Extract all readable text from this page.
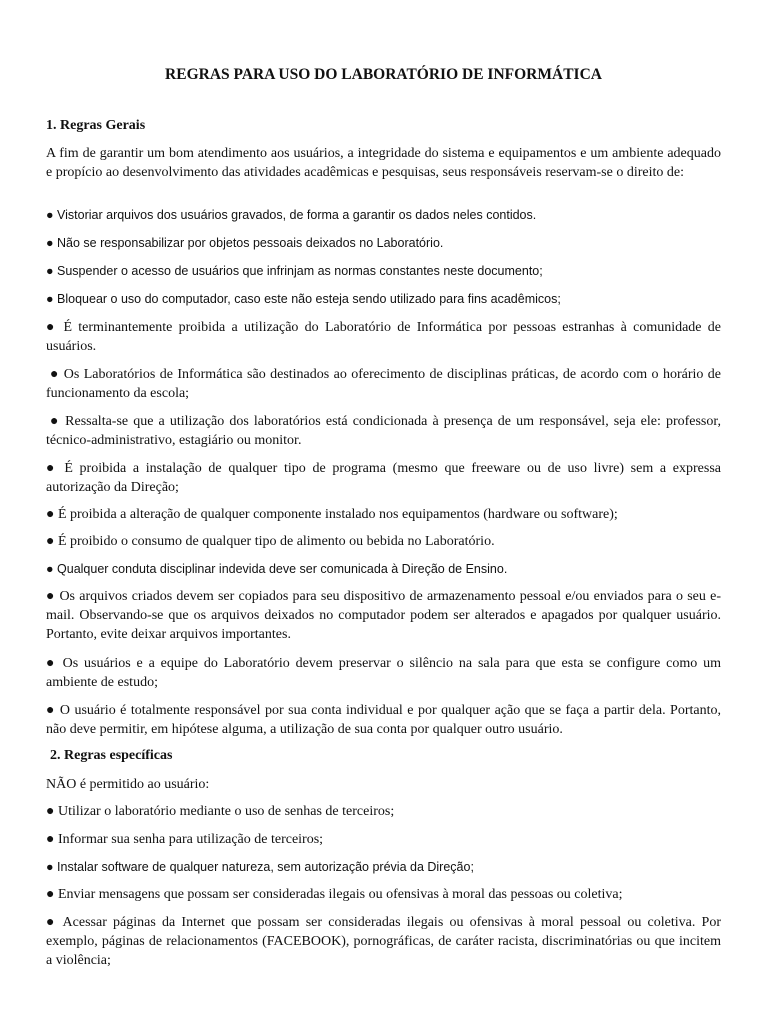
REGRAS PARA USO DO LABORATÓRIO DE INFORMÁTICA
1. Regras Gerais

A fim de garantir um bom atendimento aos usuários, a integridade do sistema e equipamentos e um ambiente adequado e propício ao desenvolvimento das atividades acadêmicas e pesquisas, seus responsáveis reservam-se o direito de:

● Vistoriar arquivos dos usuários gravados, de forma a garantir os dados neles contidos.

● Não se responsabilizar por objetos pessoais deixados no Laboratório.

● Suspender o acesso de usuários que infrinjam as normas constantes neste documento;

● Bloquear o uso do computador, caso este não esteja sendo utilizado para fins acadêmicos;

● É terminantemente proibida a utilização do Laboratório de Informática por pessoas estranhas à comunidade de usuários.

● Os Laboratórios de Informática são destinados ao oferecimento de disciplinas práticas, de acordo com o horário de funcionamento da escola;

● Ressalta-se que a utilização dos laboratórios está condicionada à presença de um responsável, seja ele: professor, técnico-administrativo, estagiário ou monitor.

● É proibida a instalação de qualquer tipo de programa (mesmo que freeware ou de uso livre) sem a expressa autorização da Direção;

● É proibida a alteração de qualquer componente instalado nos equipamentos (hardware ou software);

● É proibido o consumo de qualquer tipo de alimento ou bebida no Laboratório.

● Qualquer conduta disciplinar indevida deve ser comunicada à Direção de Ensino.

● Os arquivos criados devem ser copiados para seu dispositivo de armazenamento pessoal e/ou enviados para o seu e-mail. Observando-se que os arquivos deixados no computador podem ser alterados e apagados por qualquer usuário. Portanto, evite deixar arquivos importantes.

● Os usuários e a equipe do Laboratório devem preservar o silêncio na sala para que esta se configure como um ambiente de estudo;

● O usuário é totalmente responsável por sua conta individual e por qualquer ação que se faça a partir dela. Portanto, não deve permitir, em hipótese alguma, a utilização de sua conta por qualquer outro usuário.

2. Regras específicas

NÃO é permitido ao usuário:

● Utilizar o laboratório mediante o uso de senhas de terceiros;

● Informar sua senha para utilização de terceiros;

● Instalar software de qualquer natureza, sem autorização prévia da Direção;

● Enviar mensagens que possam ser consideradas ilegais ou ofensivas à moral das pessoas ou coletiva;

● Acessar páginas da Internet que possam ser consideradas ilegais ou ofensivas à moral pessoal ou coletiva. Por exemplo, páginas de relacionamentos (FACEBOOK), pornográficas, de caráter racista, discriminatórias ou que incitem a violência;
